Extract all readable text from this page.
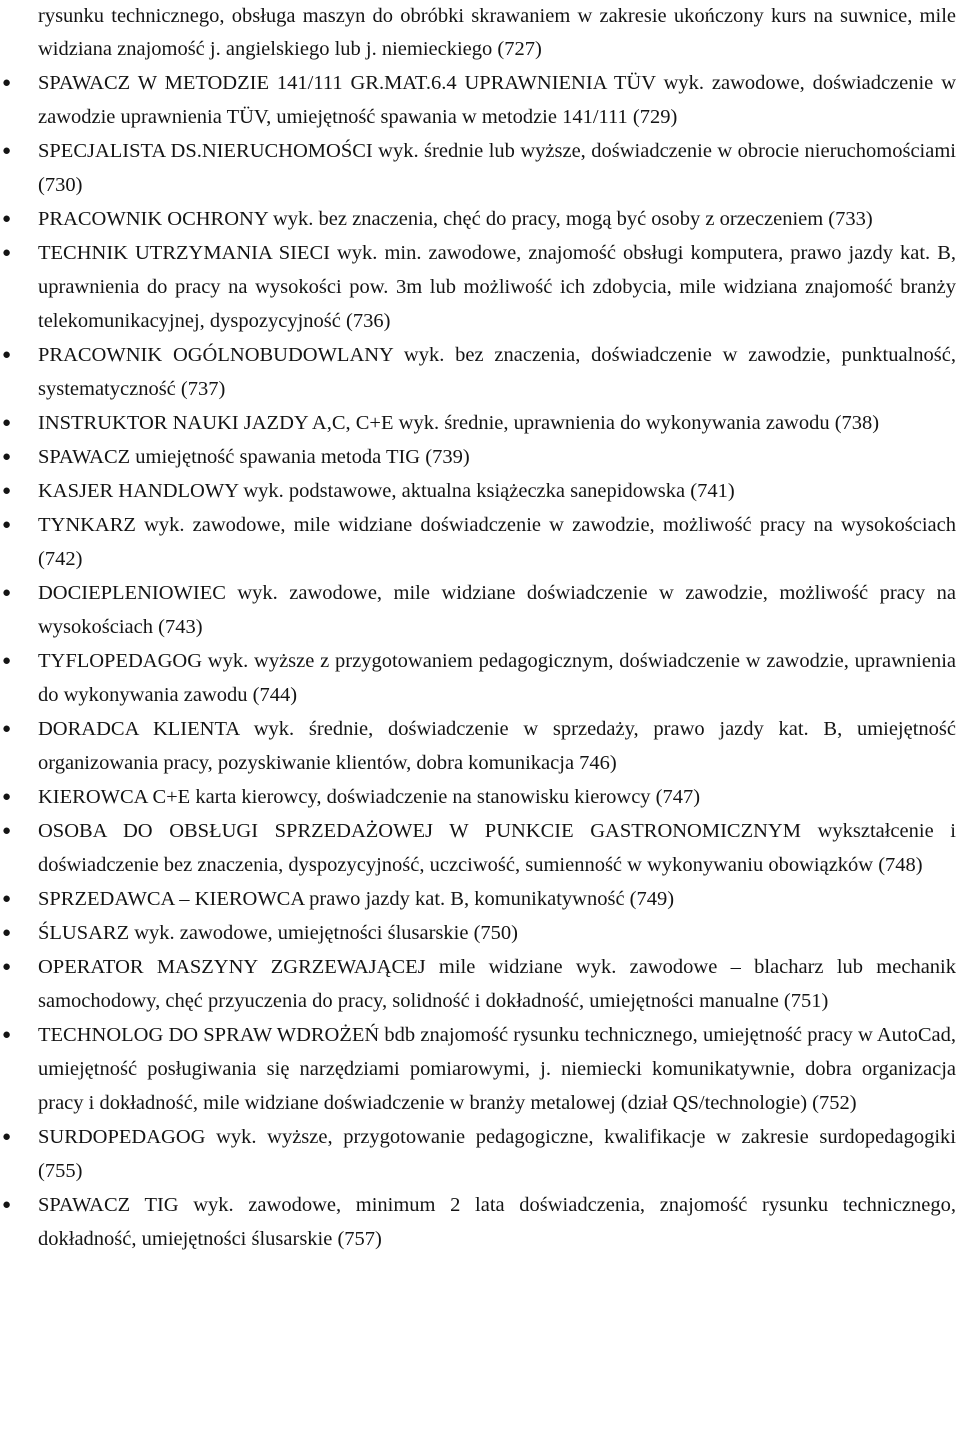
rysunku technicznego, obsługa maszyn do obróbki skrawaniem w zakresie ukończony kurs na suwnice, mile widziana znajomość j. angielskiego lub j. niemieckiego (727)
● SPAWACZ W METODZIE 141/111 GR.MAT.6.4 UPRAWNIENIA TÜV wyk. zawodowe, doświadczenie w zawodzie uprawnienia TÜV, umiejętność spawania w metodzie 141/111 (729)
● SPECJALISTA DS.NIERUCHOMOŚCI wyk. średnie lub wyższe, doświadczenie w obrocie nieruchomościami (730)
● PRACOWNIK OCHRONY wyk. bez znaczenia, chęć do pracy, mogą być osoby z orzeczeniem (733)
● TECHNIK UTRZYMANIA SIECI wyk. min. zawodowe, znajomość obsługi komputera, prawo jazdy kat. B, uprawnienia do pracy na wysokości pow. 3m lub możliwość ich zdobycia, mile widziana znajomość branży telekomunikacyjnej, dyspozycyjność (736)
● PRACOWNIK OGÓLNOBUDOWLANY wyk. bez znaczenia, doświadczenie w zawodzie, punktualność, systematyczność (737)
● INSTRUKTOR NAUKI JAZDY A,C, C+E wyk. średnie, uprawnienia do wykonywania zawodu (738)
● SPAWACZ umiejętność spawania metoda TIG (739)
● KASJER HANDLOWY wyk. podstawowe, aktualna książeczka sanepidowska (741)
● TYNKARZ wyk. zawodowe, mile widziane doświadczenie w zawodzie, możliwość pracy na wysokościach (742)
● DOCIEPLENIOWIEC wyk. zawodowe, mile widziane doświadczenie w zawodzie, możliwość pracy na wysokościach (743)
● TYFLOPEDAGOG wyk. wyższe z przygotowaniem pedagogicznym, doświadczenie w zawodzie, uprawnienia do wykonywania zawodu (744)
● DORADCA KLIENTA wyk. średnie, doświadczenie w sprzedaży, prawo jazdy kat. B, umiejętność organizowania pracy, pozyskiwanie klientów, dobra komunikacja 746)
● KIEROWCA C+E karta kierowcy, doświadczenie na stanowisku kierowcy (747)
● OSOBA DO OBSŁUGI SPRZEDAŻOWEJ W PUNKCIE GASTRONOMICZNYM wykształcenie i doświadczenie bez znaczenia, dyspozycyjność, uczciwość, sumienność w wykonywaniu obowiązków (748)
● SPRZEDAWCA – KIEROWCA prawo jazdy kat. B, komunikatywność (749)
● ŚLUSARZ wyk. zawodowe, umiejętności ślusarskie (750)
● OPERATOR MASZYNY ZGRZEWAJĄCEJ mile widziane wyk. zawodowe – blacharz lub mechanik samochodowy, chęć przyuczenia do pracy, solidność i dokładność, umiejętności manualne (751)
● TECHNOLOG DO SPRAW WDROŻEŃ bdb znajomość rysunku technicznego, umiejętność pracy w AutoCad, umiejętność posługiwania się narzędziami pomiarowymi, j. niemiecki komunikatywnie, dobra organizacja pracy i dokładność, mile widziane doświadczenie w branży metalowej (dział QS/technologie) (752)
● SURDOPEDAGOG wyk. wyższe, przygotowanie pedagogiczne, kwalifikacje w zakresie surdopedagogiki (755)
● SPAWACZ TIG wyk. zawodowe, minimum 2 lata doświadczenia, znajomość rysunku technicznego, dokładność, umiejętności ślusarskie (757)
